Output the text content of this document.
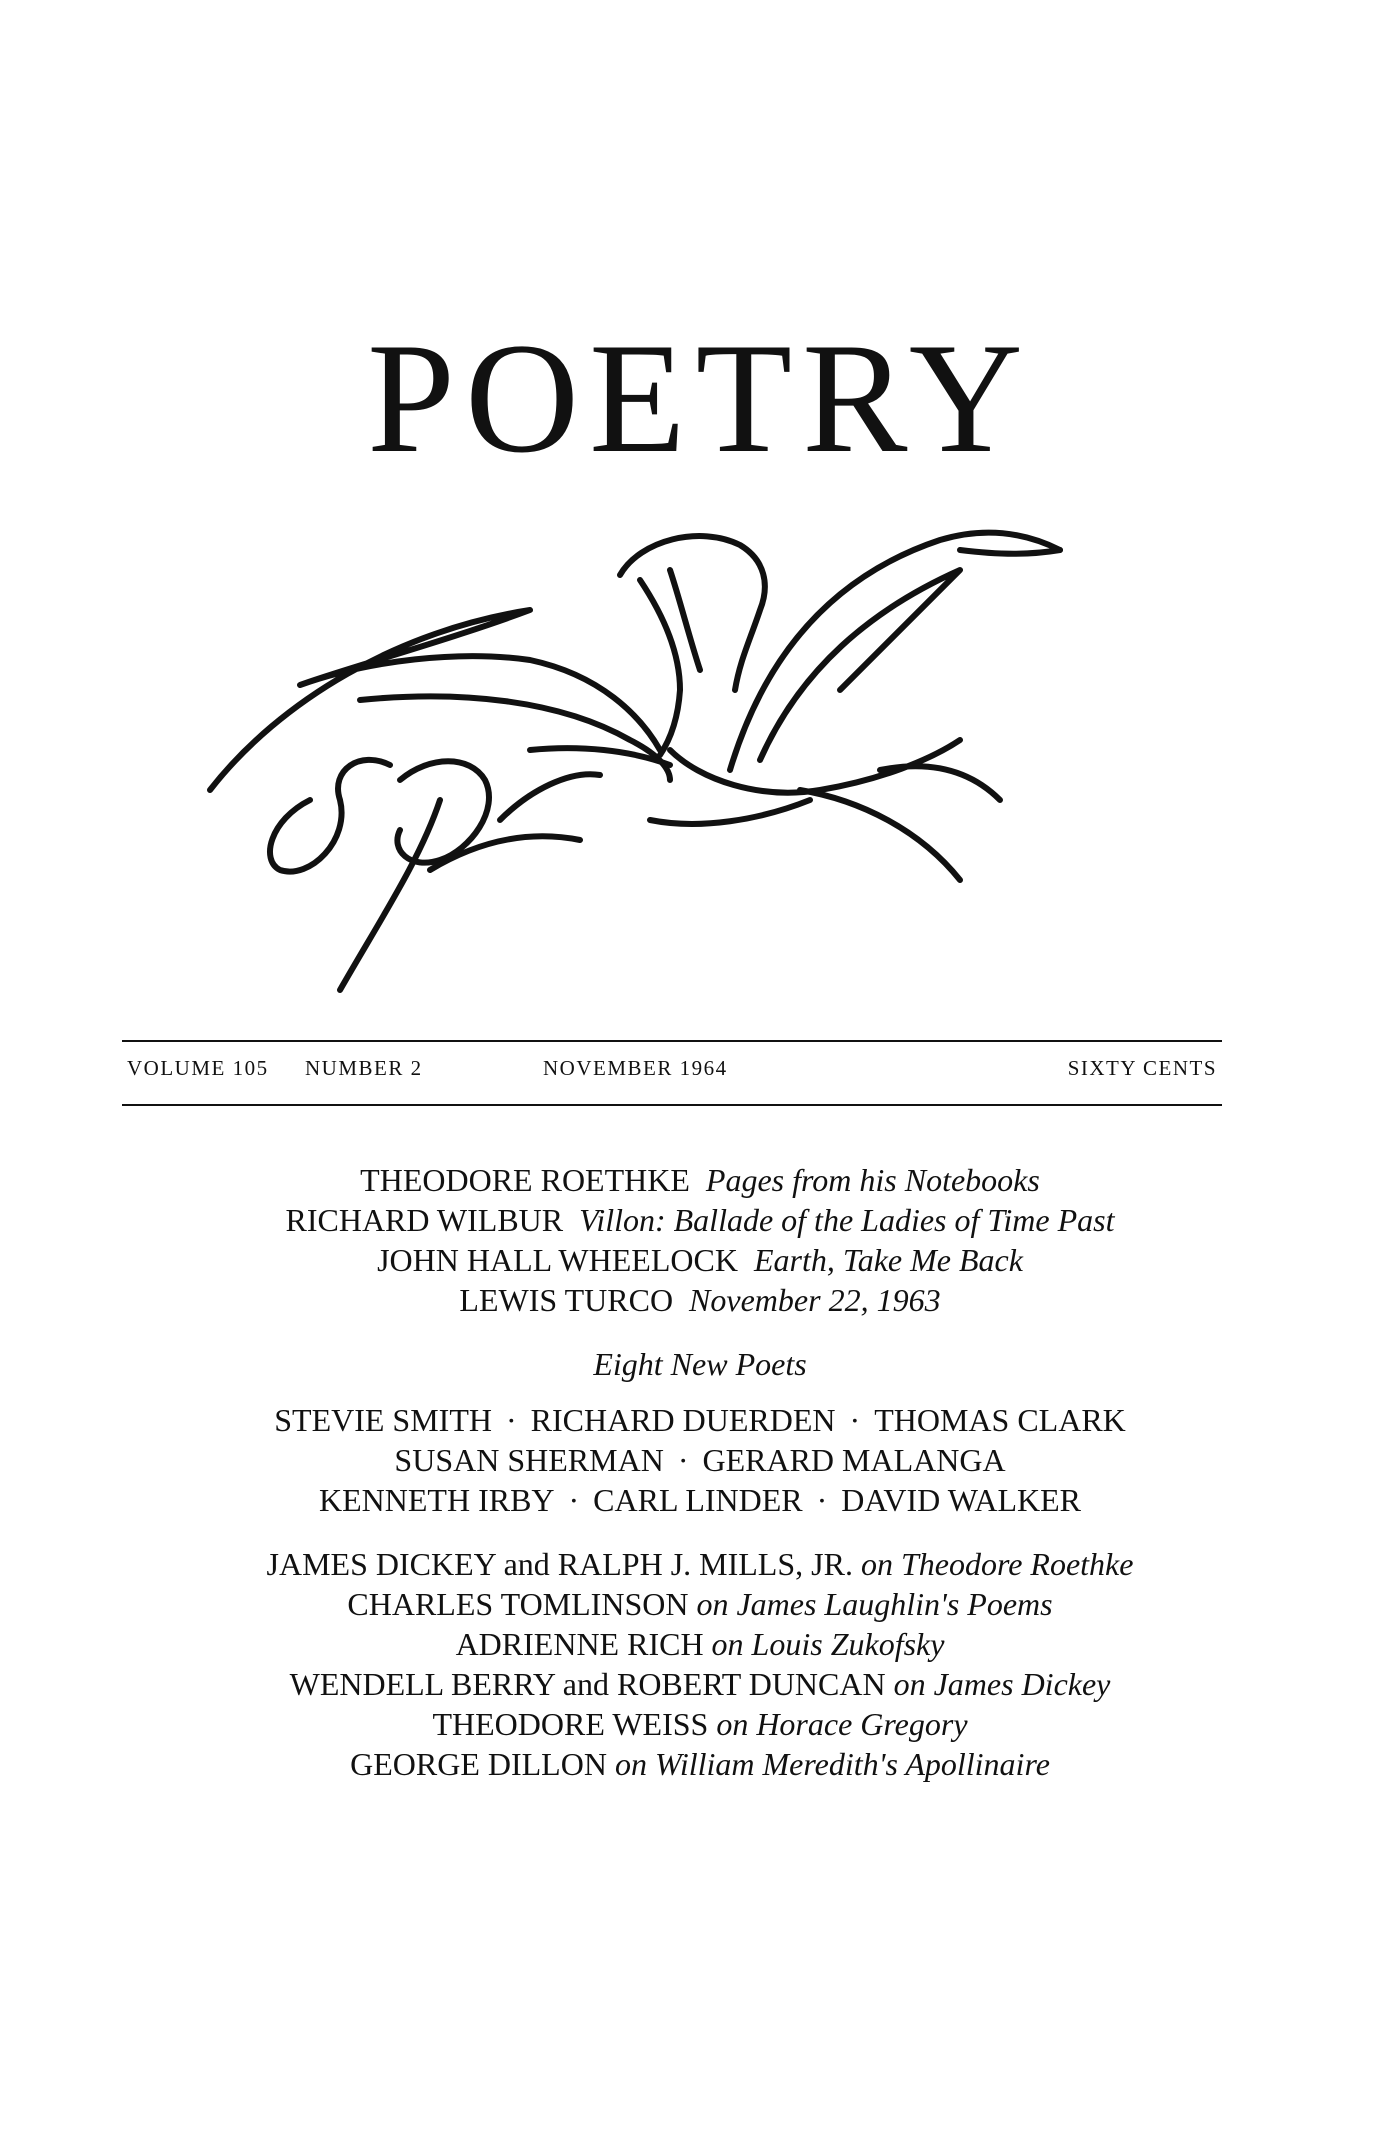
POETRY
VOLUME 105 NUMBER 2	NOVEMBER 1964	SIXTY CENTS
THEODORE ROETHKE Pages from his Notebooks
RICHARD WILBUR Villon: Ballade of the Ladies of Time Past
JOHN HALL WHEELOCK Earth, Take Me Back
LEWIS TURCO November 22, 1963
Eight New Poets
STEVIE SMITH · RICHARD DUERDEN · THOMAS CLARK
SUSAN SHERMAN · GERARD MALANGA
KENNETH IRBY · CARL LINDER · DAVID WALKER
JAMES DICKEY and RALPH J. MILLS, JR. on Theodore Roethke
CHARLES TOMLINSON on James Laughlin's Poems
ADRIENNE RICH on Louis Zukofsky
WENDELL BERRY and ROBERT DUNCAN on James Dickey
THEODORE WEISS on Horace Gregory
GEORGE DILLON on William Meredith's Apollinaire
